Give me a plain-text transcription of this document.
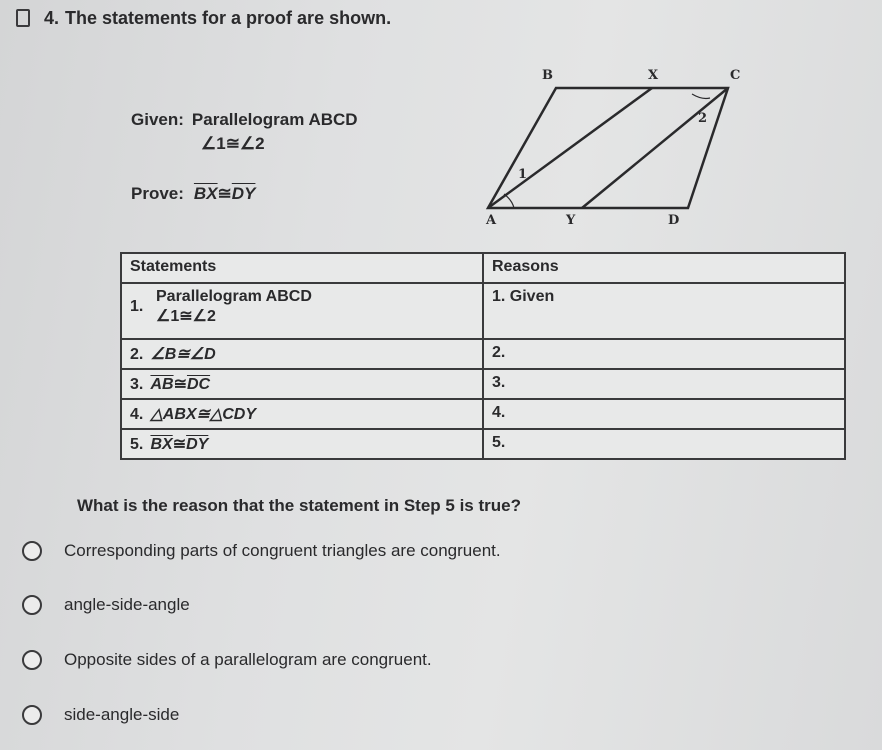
4. The statements for a proof are shown.
Given: Parallelogram ABCD
∠1≅∠2
Prove: $\overline{BX}≅\overline{DY}$
B	X	C
A	Y	D
1
2
Statements	Reasons

1.
Parallelogram ABCD
∠1≅∠2	1. Given
2. ∠B≅∠D	2.
3. $\overline{AB}≅\overline{DC}$	3.
4. △ABX≅△CDY	4.
5. $\overline{BX}≅\overline{DY}$	5.
What is the reason that the statement in Step 5 is true?
Corresponding parts of congruent triangles are congruent.
angle-side-angle
Opposite sides of a parallelogram are congruent.
side-angle-side
